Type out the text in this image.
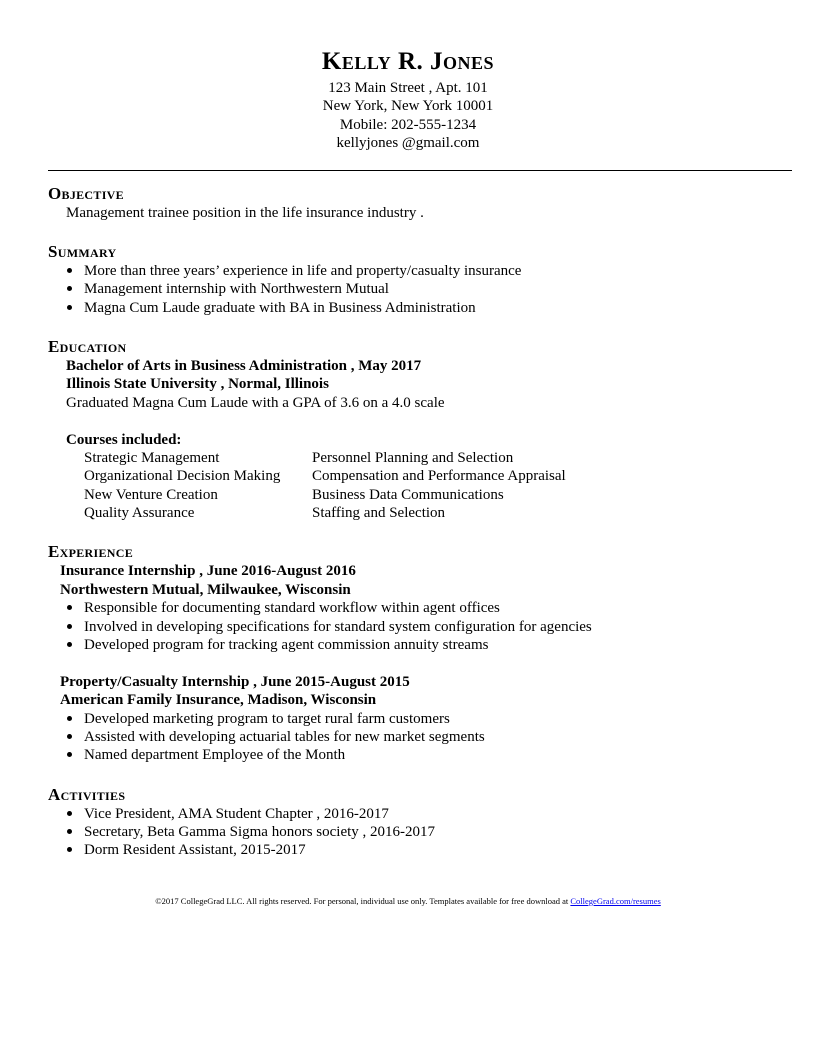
Kelly R. Jones
123 Main Street , Apt. 101
New York, New York 10001
Mobile: 202-555-1234
kellyjones @gmail.com
Objective
Management trainee position in the life insurance industry .
Summary
More than three years’ experience in life and property/casualty insurance
Management internship with Northwestern Mutual
Magna Cum Laude graduate with BA in Business Administration
Education
Bachelor of Arts in Business Administration , May 2017
Illinois State University , Normal, Illinois
Graduated Magna Cum Laude with a GPA of 3.6 on a 4.0 scale
Courses included:
Strategic Management
Organizational Decision Making
New Venture Creation
Quality Assurance
Personnel Planning and Selection
Compensation and Performance Appraisal
Business Data Communications
Staffing and Selection
Experience
Insurance Internship , June 2016-August 2016
Northwestern Mutual, Milwaukee, Wisconsin
Responsible for documenting standard workflow within agent offices
Involved in developing specifications for standard system configuration for agencies
Developed program for tracking agent commission annuity streams
Property/Casualty Internship , June 2015-August 2015
American Family Insurance, Madison, Wisconsin
Developed marketing program to target rural farm customers
Assisted with developing actuarial tables for new market segments
Named department Employee of the Month
Activities
Vice President, AMA Student Chapter , 2016-2017
Secretary, Beta Gamma Sigma honors society , 2016-2017
Dorm Resident Assistant, 2015-2017
©2017 CollegeGrad LLC. All rights reserved. For personal, individual use only. Templates available for free download at CollegeGrad.com/resumes
